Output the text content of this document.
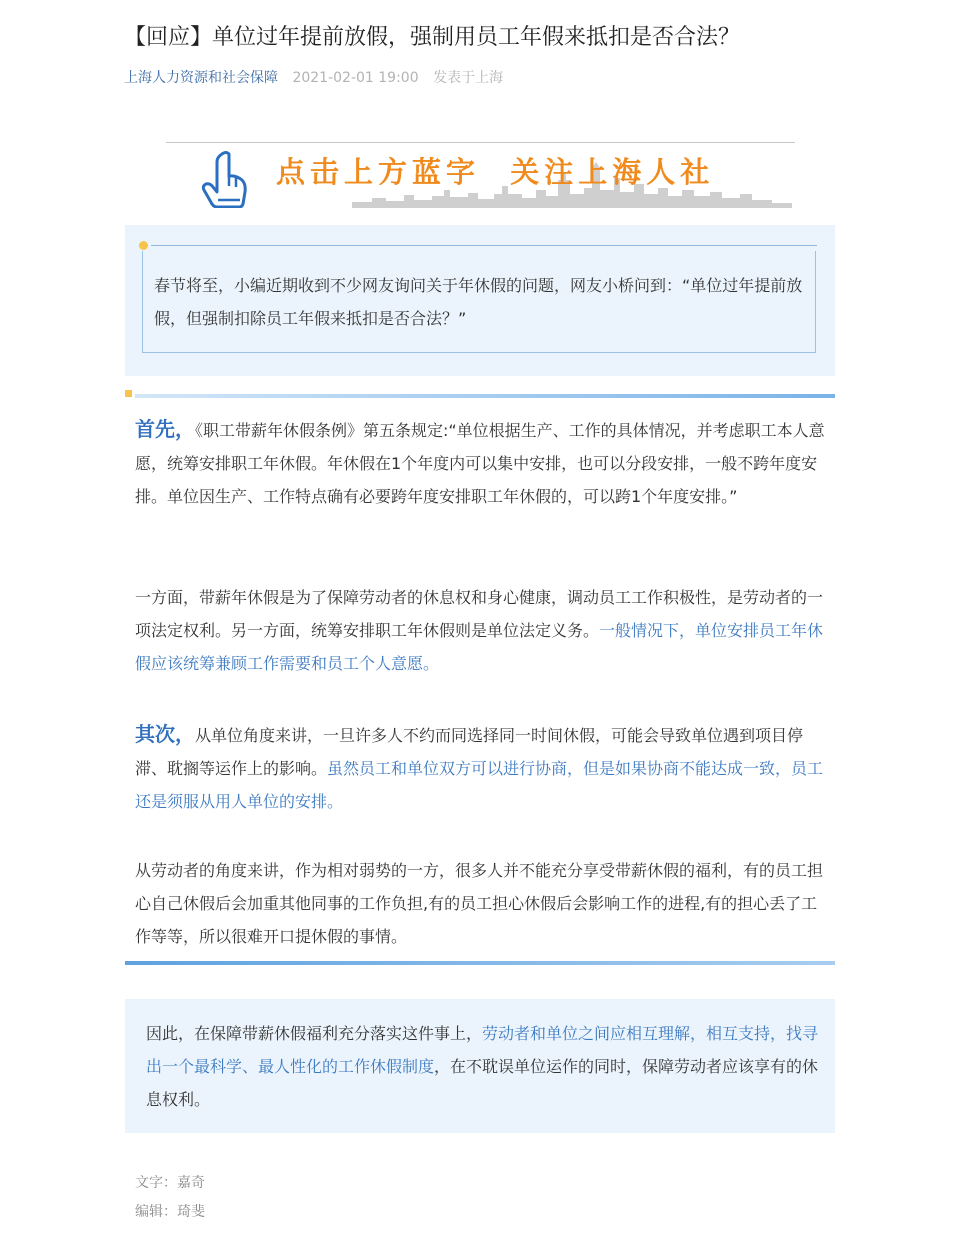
【回应】单位过年提前放假，强制用员工年假来抵扣是否合法？
上海人力资源和社会保障 2021-02-01 19:00 发表于上海
点击上方蓝字  关注上海人社
春节将至，小编近期收到不少网友询问关于年休假的问题，网友小桥问到：“单位过年提前放假，但强制扣除员工年假来抵扣是否合法？”
首先，《职工带薪年休假条例》第五条规定:“单位根据生产、工作的具体情况，并考虑职工本人意愿，统筹安排职工年休假。年休假在1个年度内可以集中安排，也可以分段安排，一般不跨年度安排。单位因生产、工作特点确有必要跨年度安排职工年休假的，可以跨1个年度安排。”
一方面，带薪年休假是为了保障劳动者的休息权和身心健康，调动员工工作积极性，是劳动者的一项法定权利。另一方面，统筹安排职工年休假则是单位法定义务。一般情况下，单位安排员工年休假应该统筹兼顾工作需要和员工个人意愿。
其次，从单位角度来讲，一旦许多人不约而同选择同一时间休假，可能会导致单位遇到项目停滞、耽搁等运作上的影响。虽然员工和单位双方可以进行协商，但是如果协商不能达成一致，员工还是须服从用人单位的安排。
从劳动者的角度来讲，作为相对弱势的一方，很多人并不能充分享受带薪休假的福利，有的员工担心自己休假后会加重其他同事的工作负担,有的员工担心休假后会影响工作的进程,有的担心丢了工作等等，所以很难开口提休假的事情。
因此，在保障带薪休假福利充分落实这件事上，劳动者和单位之间应相互理解，相互支持，找寻出一个最科学、最人性化的工作休假制度，在不耽误单位运作的同时，保障劳动者应该享有的休息权利。
文字：嘉奇
编辑：琦斐
